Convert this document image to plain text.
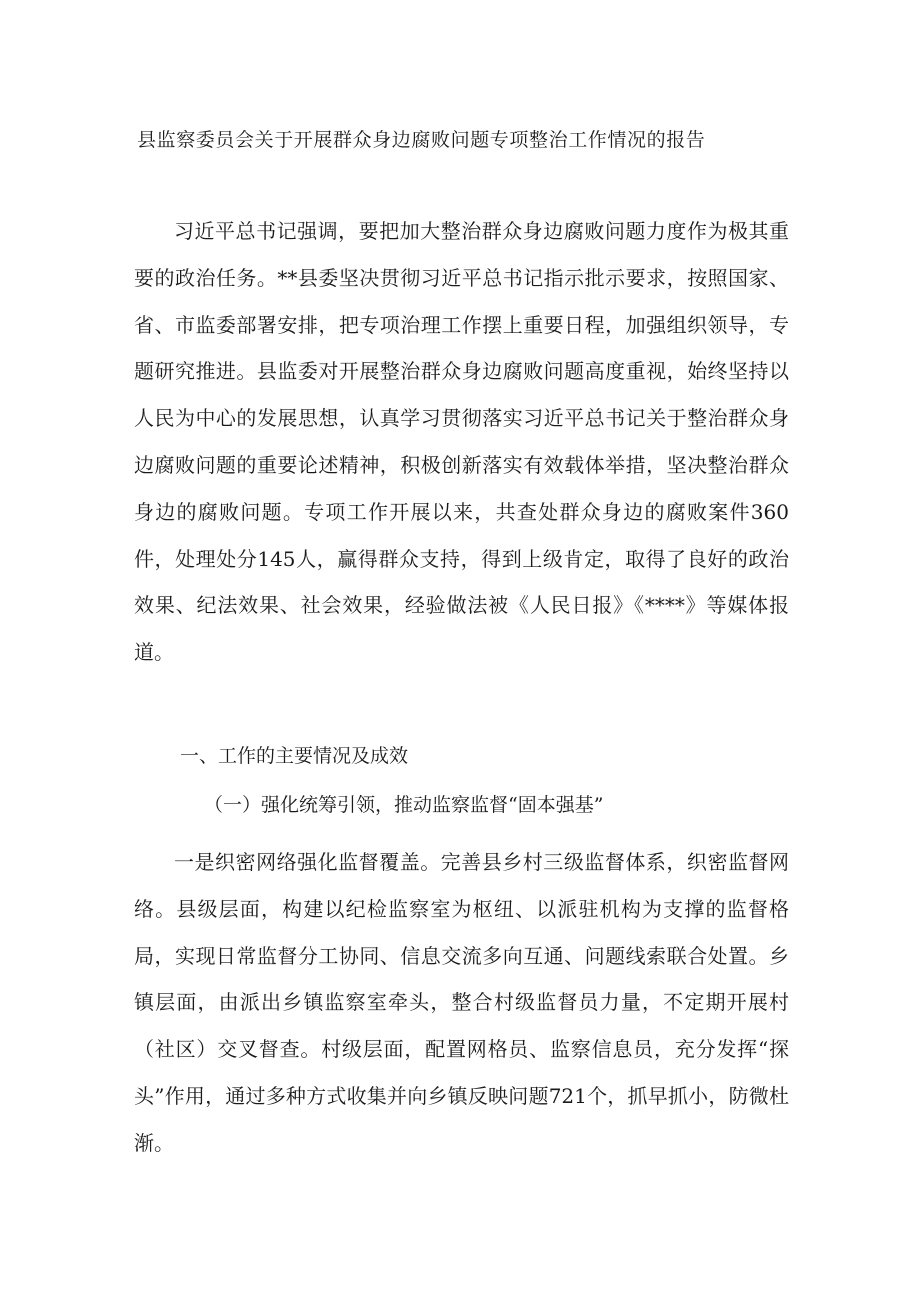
县监察委员会关于开展群众身边腐败问题专项整治工作情况的报告

习近平总书记强调，要把加大整治群众身边腐败问题力度作为极其重要的政治任务。**县委坚决贯彻习近平总书记指示批示要求，按照国家、省、市监委部署安排，把专项治理工作摆上重要日程，加强组织领导，专题研究推进。县监委对开展整治群众身边腐败问题高度重视，始终坚持以人民为中心的发展思想，认真学习贯彻落实习近平总书记关于整治群众身边腐败问题的重要论述精神，积极创新落实有效载体举措，坚决整治群众身边的腐败问题。专项工作开展以来，共查处群众身边的腐败案件360件，处理处分145人，赢得群众支持，得到上级肯定，取得了良好的政治效果、纪法效果、社会效果，经验做法被《人民日报》《****》等媒体报道。

一、工作的主要情况及成效
（一）强化统筹引领，推动监察监督“固本强基”

一是织密网络强化监督覆盖。完善县乡村三级监督体系，织密监督网络。县级层面，构建以纪检监察室为枢纽、以派驻机构为支撑的监督格局，实现日常监督分工协同、信息交流多向互通、问题线索联合处置。乡镇层面，由派出乡镇监察室牵头，整合村级监督员力量，不定期开展村（社区）交叉督查。村级层面，配置网格员、监察信息员，充分发挥“探头”作用，通过多种方式收集并向乡镇反映问题721个，抓早抓小，防微杜渐。
